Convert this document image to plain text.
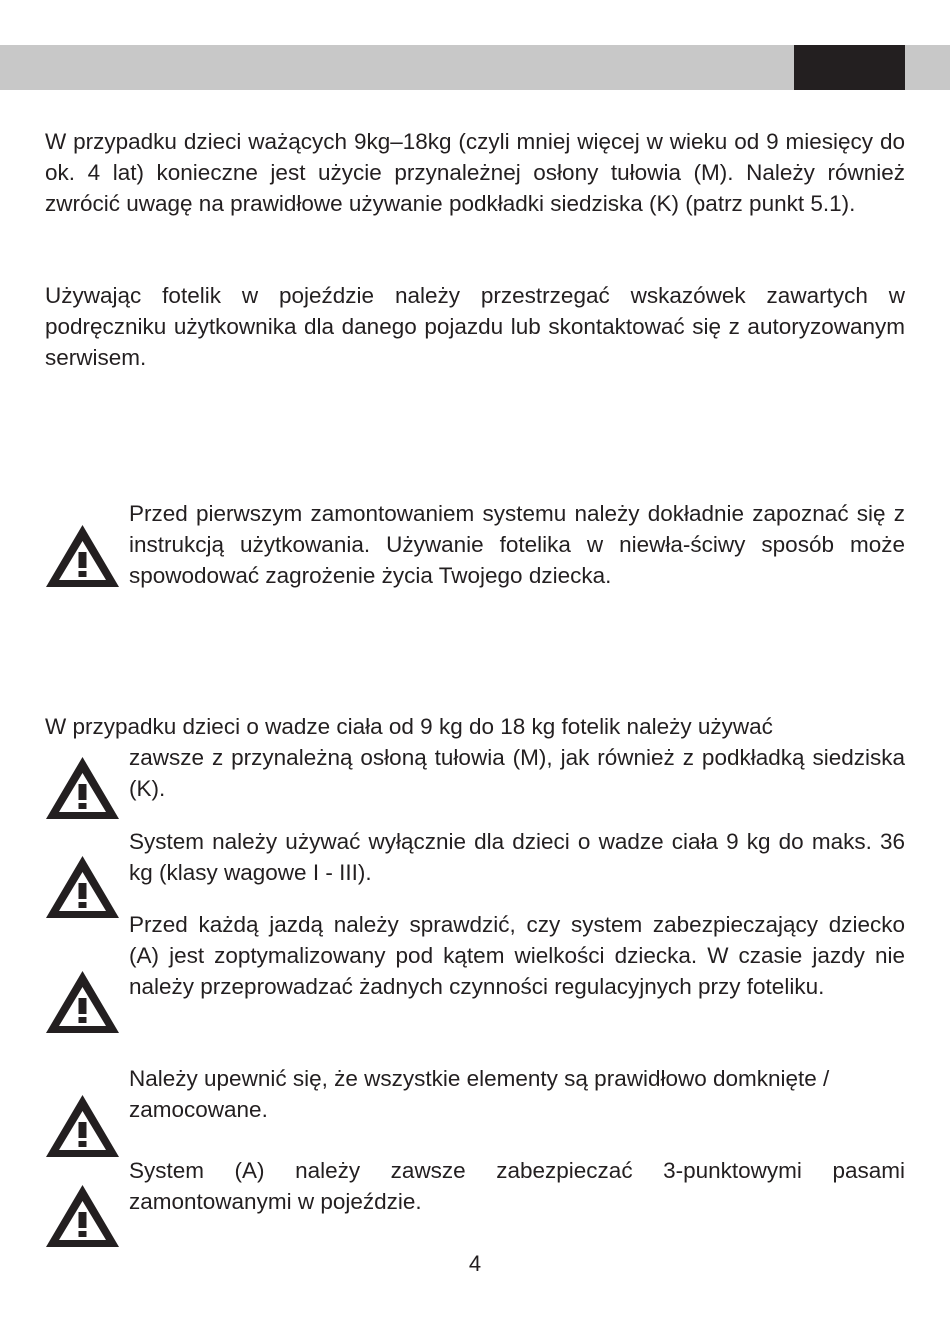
W przypadku dzieci ważących 9kg–18kg (czyli mniej więcej w wieku od 9 miesięcy do ok. 4 lat) konieczne jest użycie przynależnej osłony tułowia (M). Należy również zwrócić uwagę na prawidłowe używanie podkładki siedziska (K) (patrz punkt 5.1).

Używając fotelik w pojeździe należy przestrzegać wskazówek zawartych w podręczniku użytkownika dla danego pojazdu lub skontaktować się z autoryzowanym serwisem.

Przed pierwszym zamontowaniem systemu należy dokładnie zapoznać się z instrukcją użytkowania. Używanie fotelika w niewła-ściwy sposób może spowodować zagrożenie życia Twojego dziecka.

W przypadku dzieci o wadze ciała od 9 kg do 18 kg fotelik należy używać

zawsze z przynależną osłoną tułowia (M), jak również z podkładką siedziska (K).

System należy używać wyłącznie dla dzieci o wadze ciała 9 kg do maks. 36 kg (klasy wagowe I - III).

Przed każdą jazdą należy sprawdzić, czy system zabezpieczający dziecko (A) jest zoptymalizowany pod kątem wielkości dziecka. W czasie jazdy nie należy przeprowadzać żadnych czynności regulacyjnych przy foteliku.

Należy upewnić się, że wszystkie elementy są prawidłowo domknięte / zamocowane.

System (A) należy zawsze zabezpieczać 3-punktowymi pasami zamontowanymi w pojeździe.

4
